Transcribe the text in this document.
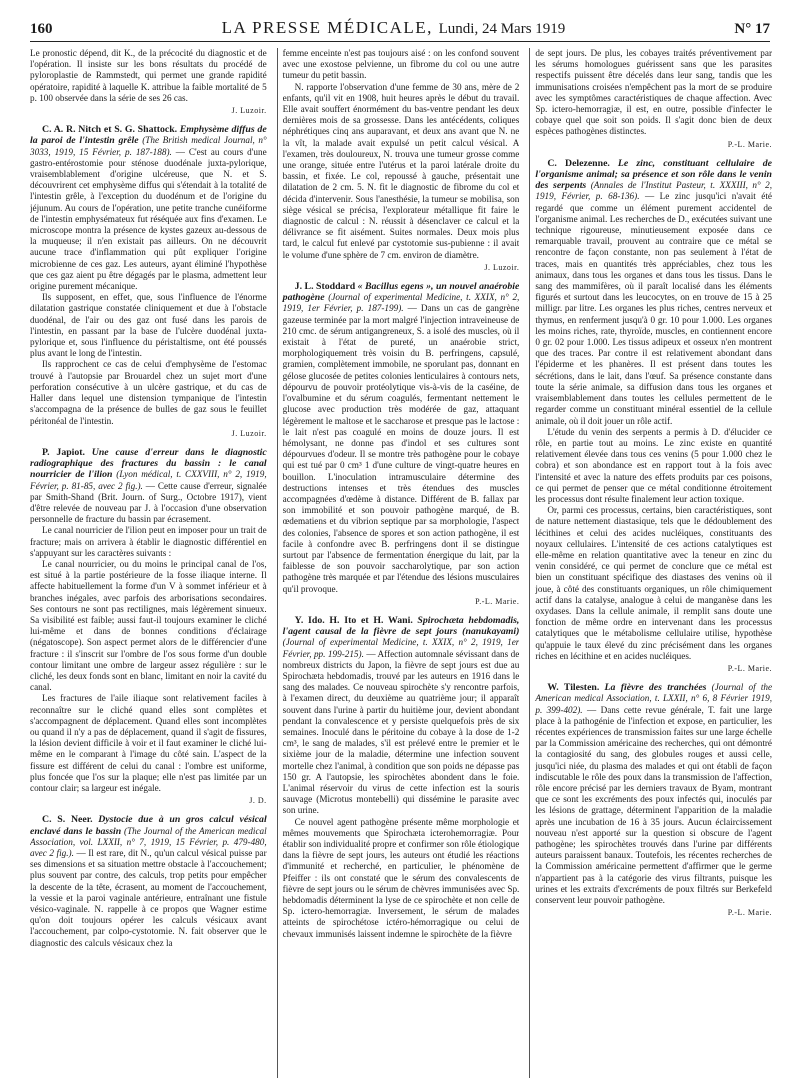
160	LA PRESSE MÉDICALE, Lundi, 24 Mars 1919	N° 17

Le pronostic dépend, dit K., de la précocité du diagnostic et de l'opération. Il insiste sur les bons résultats du procédé de pyloroplastie de Rammstedt, qui permet une grande rapidité opératoire, rapidité à laquelle K. attribue la faible mortalité de 5 p. 100 observée dans la série de ses 26 cas.

J. Luzoir.

C. A. R. Nitch et S. G. Shattock. Emphysème diffus de la paroi de l'intestin grêle (The British medical Journal, n° 3033, 1919, 15 Février, p. 187-188). — C'est au cours d'une gastro-entérostomie pour sténose duodénale juxta-pylorique, vraisemblablement d'origine ulcéreuse, que N. et S. découvrirent cet emphysème diffus qui s'étendait à la totalité de l'intestin grêle, à l'exception du duodénum et de l'origine du jéjunum. Au cours de l'opération, une petite tranche cunéiforme de l'intestin emphysémateux fut réséquée aux fins d'examen. Le microscope montra la présence de kystes gazeux au-dessous de la muqueuse; il n'en existait pas ailleurs. On ne découvrit aucune trace d'inflammation qui pût expliquer l'origine microbienne de ces gaz. Les auteurs, ayant éliminé l'hypothèse que ces gaz aient pu être dégagés par le plasma, admettent leur origine purement mécanique.

Ils supposent, en effet, que, sous l'influence de l'énorme dilatation gastrique constatée cliniquement et due à l'obstacle duodénal, de l'air ou des gaz ont fusé dans les parois de l'intestin, en passant par la base de l'ulcère duodénal juxta-pylorique et, sous l'influence du péristaltisme, ont été poussés plus avant le long de l'intestin.

Ils rapprochent ce cas de celui d'emphysème de l'estomac trouvé à l'autopsie par Brouardel chez un sujet mort d'une perforation consécutive à un ulcère gastrique, et du cas de Haller dans lequel une distension tympanique de l'intestin s'accompagna de la présence de bulles de gaz sous le feuillet péritonéal de l'intestin.

J. Luzoir.

P. Japiot. Une cause d'erreur dans le diagnostic radiographique des fractures du bassin : le canal nourricier de l'ilion (Lyon médical, t. CXXVIII, n° 2, 1919, Février, p. 81-85, avec 2 fig.). — Cette cause d'erreur, signalée par Smith-Shand (Brit. Journ. of Surg., Octobre 1917), vient d'être relevée de nouveau par J. à l'occasion d'une observation personnelle de fracture du bassin par écrasement.

Le canal nourricier de l'ilion peut en imposer pour un trait de fracture; mais on arrivera à établir le diagnostic différentiel en s'appuyant sur les caractères suivants :

Le canal nourricier, ou du moins le principal canal de l'os, est situé à la partie postérieure de la fosse iliaque interne. Il affecte habituellement la forme d'un V à sommet inférieur et à branches inégales, avec parfois des arborisations secondaires. Ses contours ne sont pas rectilignes, mais légèrement sinueux. Sa visibilité est faible; aussi faut-il toujours examiner le cliché lui-même et dans de bonnes conditions d'éclairage (négatoscope). Son aspect permet alors de le différencier d'une fracture : il s'inscrit sur l'ombre de l'os sous forme d'un double contour limitant une ombre de largeur assez régulière : sur le cliché, les deux fonds sont en blanc, limitant en noir la cavité du canal.

Les fractures de l'aile iliaque sont relativement faciles à reconnaître sur le cliché quand elles sont complètes et s'accompagnent de déplacement. Quand elles sont incomplètes ou quand il n'y a pas de déplacement, quand il s'agit de fissures, la lésion devient difficile à voir et il faut examiner le cliché lui-même en le comparant à l'image du côté sain. L'aspect de la fissure est différent de celui du canal : l'ombre est uniforme, plus foncée que l'os sur la plaque; elle n'est pas limitée par un contour clair; sa largeur est inégale.

J. D.

C. S. Neer. Dystocie due à un gros calcul vésical enclavé dans le bassin (The Journal of the American medical Association, vol. LXXII, n° 7, 1919, 15 Février, p. 479-480, avec 2 fig.). — Il est rare, dit N., qu'un calcul vésical puisse par ses dimensions et sa situation mettre obstacle à l'accouchement; plus souvent par contre, des calculs, trop petits pour empêcher la descente de la tête, écrasent, au moment de l'accouchement, la vessie et la paroi vaginale antérieure, entraînant une fistule vésico-vaginale. N. rappelle à ce propos que Wagner estime qu'on doit toujours opérer les calculs vésicaux avant l'accouchement, par colpo-cystotomie. N. fait observer que le diagnostic des calculs vésicaux chez la

femme enceinte n'est pas toujours aisé : on les confond souvent avec une exostose pelvienne, un fibrome du col ou une autre tumeur du petit bassin.

N. rapporte l'observation d'une femme de 30 ans, mère de 2 enfants, qu'il vit en 1908, huit heures après le début du travail. Elle avait souffert énormément du bas-ventre pendant les deux dernières mois de sa grossesse. Dans les antécédents, coliques néphrétiques cinq ans auparavant, et deux ans avant que N. ne la vît, la malade avait expulsé un petit calcul vésical. A l'examen, très douloureux, N. trouva une tumeur grosse comme une orange, située entre l'utérus et la paroi latérale droite du bassin, et fixée. Le col, repoussé à gauche, présentait une dilatation de 2 cm. 5. N. fit le diagnostic de fibrome du col et décida d'intervenir. Sous l'anesthésie, la tumeur se mobilisa, son siège vésical se précisa, l'explorateur métallique fit faire le diagnostic de calcul : N. réussit à désenclaver ce calcul et la délivrance se fit aisément. Suites normales. Deux mois plus tard, le calcul fut enlevé par cystotomie sus-pubienne : il avait le volume d'une sphère de 7 cm. environ de diamètre.

J. Luzoir.

J. L. Stoddard « Bacillus egens », un nouvel anaérobie pathogène (Journal of experimental Medicine, t. XXIX, n° 2, 1919, 1er Février, p. 187-199). — Dans un cas de gangrène gazeuse terminée par la mort malgré l'injection intraveineuse de 210 cmc. de sérum antigangreneux, S. a isolé des muscles, où il existait à l'état de pureté, un anaérobie strict, morphologiquement très voisin du B. perfringens, capsulé, gramien, complètement immobile, ne sporulant pas, donnant en gélose glucosée de petites colonies lenticulaires à contours nets, dépourvu de pouvoir protéolytique vis-à-vis de la caséine, de l'ovalbumine et du sérum coagulés, fermentant nettement le glucose avec production très modérée de gaz, attaquant légèrement le maltose et le saccharose et presque pas le lactose : le lait n'est pas coagulé en moins de douze jours. Il est hémolysant, ne donne pas d'indol et ses cultures sont dépourvues d'odeur. Il se montre très pathogène pour le cobaye qui est tué par 0 cm³ 1 d'une culture de vingt-quatre heures en bouillon. L'inoculation intramusculaire détermine des destructions intenses et très étendues des muscles accompagnées d'œdème à distance. Différent de B. fallax par son immobilité et son pouvoir pathogène marqué, de B. œdematiens et du vibrion septique par sa morphologie, l'aspect des colonies, l'absence de spores et son action pathogène, il est facile à confondre avec B. perfringens dont il se distingue surtout par l'absence de fermentation énergique du lait, par la faiblesse de son pouvoir saccharolytique, par son action pathogène très marquée et par l'étendue des lésions musculaires qu'il provoque.

P.-L. Marie.

Y. Ido. H. Ito et H. Wani. Spirochæta hebdomadis, l'agent causal de la fièvre de sept jours (nanukayami) (Journal of experimental Medicine, t. XXIX, n° 2, 1919, 1er Février, pp. 199-215). — Affection automnale sévissant dans de nombreux districts du Japon, la fièvre de sept jours est due au Spirochæta hebdomadis, trouvé par les auteurs en 1916 dans le sang des malades. Ce nouveau spirochète s'y rencontre parfois, à l'examen direct, du deuxième au quatrième jour; il apparaît souvent dans l'urine à partir du huitième jour, devient abondant pendant la convalescence et y persiste quelquefois près de six semaines. Inoculé dans le péritoine du cobaye à la dose de 1-2 cm³, le sang de malades, s'il est prélevé entre le premier et le sixième jour de la maladie, détermine une infection souvent mortelle chez l'animal, à condition que son poids ne dépasse pas 150 gr. A l'autopsie, les spirochètes abondent dans le foie. L'animal réservoir du virus de cette infection est la souris sauvage (Microtus montebelli) qui dissémine le parasite avec son urine.

Ce nouvel agent pathogène présente même morphologie et mêmes mouvements que Spirochæta icterohemorragiæ. Pour établir son individualité propre et confirmer son rôle étiologique dans la fièvre de sept jours, les auteurs ont étudié les réactions d'immunité et recherché, en particulier, le phénomène de Pfeiffer : ils ont constaté que le sérum des convalescents de fièvre de sept jours ou le sérum de chèvres immunisées avec Sp. hebdomadis déterminent la lyse de ce spirochète et non celle de Sp. ictero-hemorragiæ. Inversement, le sérum de malades atteints de spirochétose ictéro-hémorragique ou celui de chevaux immunisés laissent indemne le spirochète de la fièvre

de sept jours. De plus, les cobayes traités préventivement par les sérums homologues guérissent sans que les parasites respectifs puissent être décelés dans leur sang, tandis que les immunisations croisées n'empêchent pas la mort de se produire avec les symptômes caractéristiques de chaque affection. Avec Sp. ictero-hemorragiæ, il est, en outre, possible d'infecter le cobaye quel que soit son poids. Il s'agit donc bien de deux espèces pathogènes distinctes.

P.-L. Marie.

C. Delezenne. Le zinc, constituant cellulaire de l'organisme animal; sa présence et son rôle dans le venin des serpents (Annales de l'Institut Pasteur, t. XXXIII, n° 2, 1919, Février, p. 68-136). — Le zinc jusqu'ici n'avait été regardé que comme un élément purement accidentel de l'organisme animal. Les recherches de D., exécutées suivant une technique rigoureuse, minutieusement exposée dans ce remarquable travail, prouvent au contraire que ce métal se rencontre de façon constante, non pas seulement à l'état de traces, mais en quantités très appréciables, chez tous les animaux, dans tous les organes et dans tous les tissus. Dans le sang des mammifères, où il paraît localisé dans les éléments figurés et surtout dans les leucocytes, on en trouve de 15 à 25 milligr. par litre. Les organes les plus riches, centres nerveux et thymus, en renferment jusqu'à 0 gr. 10 pour 1.000. Les organes les moins riches, rate, thyroïde, muscles, en contiennent encore 0 gr. 02 pour 1.000. Les tissus adipeux et osseux n'en montrent que des traces. Par contre il est relativement abondant dans l'épiderme et les phanères. Il est présent dans toutes les sécrétions, dans le lait, dans l'œuf. Sa présence constante dans toute la série animale, sa diffusion dans tous les organes et vraisemblablement dans toutes les cellules permettent de le regarder comme un constituant minéral essentiel de la cellule animale, où il doit jouer un rôle actif.

L'étude du venin des serpents a permis à D. d'élucider ce rôle, en partie tout au moins. Le zinc existe en quantité relativement élevée dans tous ces venins (5 pour 1.000 chez le cobra) et son abondance est en rapport tout à la fois avec l'intensité et avec la nature des effets produits par ces poisons, ce qui permet de penser que ce métal conditionne étroitement les processus dont résulte finalement leur action toxique.

Or, parmi ces processus, certains, bien caractéristiques, sont de nature nettement diastasique, tels que le dédoublement des lécithines et celui des acides nucléiques, constituants des noyaux cellulaires. L'intensité de ces actions catalytiques est elle-même en relation quantitative avec la teneur en zinc du venin considéré, ce qui permet de conclure que ce métal est bien un constituant spécifique des diastases des venins où il joue, à côté des constituants organiques, un rôle chimiquement actif dans la catalyse, analogue à celui de manganèse dans les oxydases. Dans la cellule animale, il remplit sans doute une fonction de même ordre en intervenant dans les processus catalytiques que le métabolisme cellulaire utilise, hypothèse qu'appuie le taux élevé du zinc précisément dans les organes riches en lécithine et en acides nucléiques.

P.-L. Marie.

W. Tilesten. La fièvre des tranchées (Journal of the American medical Association, t. LXXII, n° 6, 8 Février 1919, p. 399-402). — Dans cette revue générale, T. fait une large place à la pathogénie de l'infection et expose, en particulier, les récentes expériences de transmission faites sur une large échelle par la Commission américaine des recherches, qui ont démontré la contagiosité du sang, des globules rouges et aussi celle, jusqu'ici niée, du plasma des malades et qui ont établi de façon indiscutable le rôle des poux dans la transmission de l'affection, rôle encore précisé par les derniers travaux de Byam, montrant que ce sont les excréments des poux infectés qui, inoculés par les lésions de grattage, déterminent l'apparition de la maladie après une incubation de 16 à 35 jours. Aucun éclaircissement nouveau n'est apporté sur la question si obscure de l'agent pathogène; les spirochètes trouvés dans l'urine par différents auteurs paraissent banaux. Toutefois, les récentes recherches de la Commission américaine permettent d'affirmer que le germe n'appartient pas à la catégorie des virus filtrants, puisque les urines et les extraits d'excréments de poux filtrés sur Berkefeld conservent leur pouvoir pathogène.

P.-L. Marie.
